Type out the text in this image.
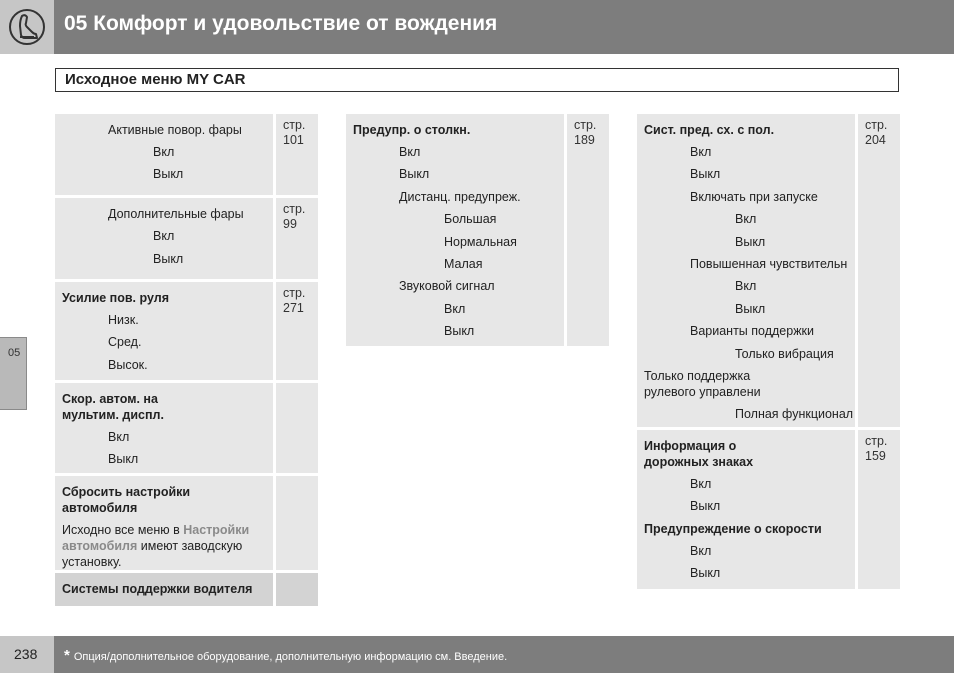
05 Комфорт и удовольствие от вождения
Исходное меню MY CAR
05
Активные повор. фары
Вкл
Выкл
стр.
101
Дополнительные фары
Вкл
Выкл
стр.
99
Усилие пов. руля
Низк.
Сред.
Высок.
стр.
271
Скор. автом. на
мультим. диспл.
Вкл
Выкл
Сбросить настройки
автомобиля
Исходно все меню в Настройки автомобиля имеют заводскую установку.
Системы поддержки водителя
Предупр. о столкн.
Вкл
Выкл
Дистанц. предупреж.
Большая
Нормальная
Малая
Звуковой сигнал
Вкл
Выкл
стр.
189
Сист. пред. сх. с пол.
Вкл
Выкл
Включать при запуске
Вкл
Выкл
Повышенная чувствительн
Вкл
Выкл
Варианты поддержки
Только вибрация
Только поддержка
рулевого управлени
Полная функционал
стр.
204
Информация о
дорожных знаках
Вкл
Выкл
Предупреждение о скорости
Вкл
Выкл
стр.
159
238	* Опция/дополнительное оборудование, дополнительную информацию см. Введение.
